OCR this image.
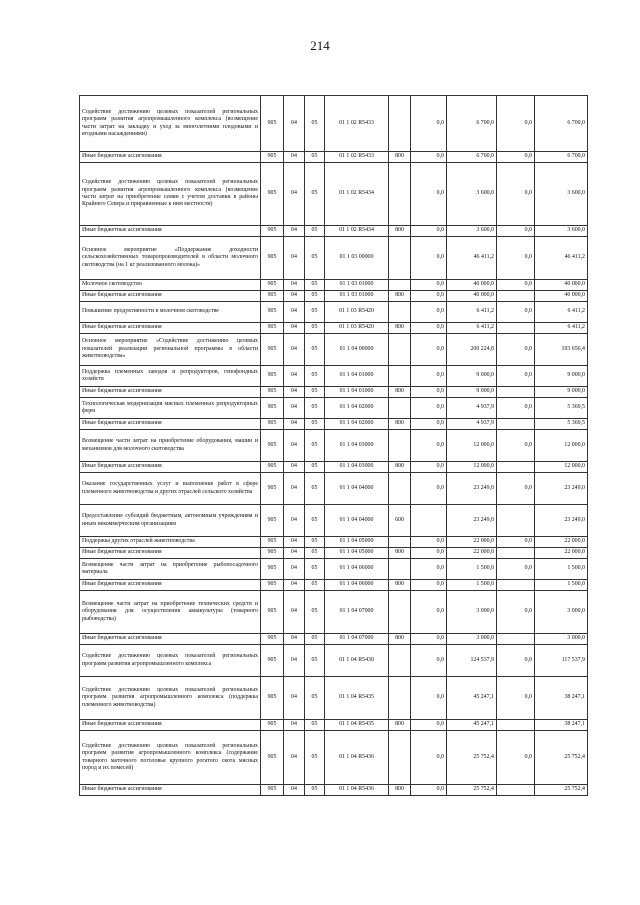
214
Содействие достижению целевых показателей региональных программ развития агропромышленного комплекса (возмещение части затрат на закладку и уход за многолетними плодовыми и ягодными насаждениями)	905	04	05	01 1 02 R5433		0,0	6 700,0	0,0	6 700,0
Иные бюджетные ассигнования	905	04	05	01 1 02 R5433	800	0,0	6 700,0	0,0	6 700,0
Содействие достижению целевых показателей региональных программ развития агропромышленного комплекса (возмещение части затрат на приобретение семян с учетом доставки в районы Крайнего Севера и приравненные к ним местности)	905	04	05	01 1 02 R5434		0,0	3 600,0	0,0	3 600,0
Иные бюджетные ассигнования	905	04	05	01 1 02 R5434	800	0,0	3 600,0	0,0	3 600,0
Основное мероприятие «Поддержание доходности сельскохозяйственных товаропроизводителей в области молочного скотоводства (на 1 кг реализованного молока)»	905	04	05	01 1 03 00000		0,0	46 411,2	0,0	46 411,2
Молочное скотоводство	905	04	05	01 1 03 01000		0,0	40 000,0	0,0	40 000,0
Иные бюджетные ассигнования	905	04	05	01 1 03 01000	800	0,0	40 000,0		40 000,0
Повышение продуктивности в молочном скотоводстве	905	04	05	01 1 03 R5420		0,0	6 411,2	0,0	6 411,2
Иные бюджетные ассигнования	905	04	05	01 1 03 R5420	800	0,0	6 411,2		6 411,2
Основное мероприятие «Содействие достижению целевых показателей реализации региональной программы в области животноводства»	905	04	05	01 1 04 00000		0,0	200 224,8	0,0	193 656,4
Поддержка племенных заводов и репродукторов, генофондных хозяйств	905	04	05	01 1 04 01000		0,0	9 000,0	0,0	9 000,0
Иные бюджетные ассигнования	905	04	05	01 1 04 01000	800	0,0	9 000,0		9 000,0
Технологическая модернизация мясных племенных репродукторных ферм	905	04	05	01 1 04 02000		0,0	4 937,9	0,0	5 369,5
Иные бюджетные ассигнования	905	04	05	01 1 04 02000	800	0,0	4 937,9		5 369,5
Возмещение части затрат на приобретение оборудования, машин и механизмов для молочного скотоводства	905	04	05	01 1 04 03000		0,0	12 000,0	0,0	12 000,0
Иные бюджетные ассигнования	905	04	05	01 1 04 03000	800	0,0	12 000,0		12 000,0
Оказание государственных услуг и выполнение работ в сфере племенного животноводства и других отраслей сельского хозяйства	905	04	05	01 1 04 04000		0,0	23 249,0	0,0	23 249,0
Предоставление субсидий бюджетным, автономным учреждениям и иным некоммерческим организациям	905	04	05	01 1 04 04000	600		23 249,0		23 249,0
Поддержка других отраслей животноводства	905	04	05	01 1 04 05000		0,0	22 000,0	0,0	22 000,0
Иные бюджетные ассигнования	905	04	05	01 1 04 05000	800	0,0	22 000,0		22 000,0
Возмещение части затрат на приобретение рыбопосадочного материала	905	04	05	01 1 04 06000		0,0	1 500,0	0,0	1 500,0
Иные бюджетные ассигнования	905	04	05	01 1 04 06000	800	0,0	1 500,0		1 500,0
Возмещение части затрат на приобретение технических средств и оборудования для осуществления аквакультуры (товарного рыбоводства)	905	04	05	01 1 04 07000		0,0	3 000,0	0,0	3 000,0
Иные бюджетные ассигнования	905	04	05	01 1 04 07000	800	0,0	3 000,0		3 000,0
Содействие достижению целевых показателей региональных программ развития агропромышленного комплекса	905	04	05	01 1 04 R5430		0,0	124 537,9	0,0	117 537,9
Содействие достижению целевых показателей региональных программ развития агропромышленного комплекса (поддержка племенного животноводства)	905	04	05	01 1 04 R5435		0,0	45 247,1	0,0	38 247,1
Иные бюджетные ассигнования	905	04	05	01 1 04 R5435	800	0,0	45 247,1		38 247,1
Содействие достижению целевых показателей региональных программ развития агропромышленного комплекса (содержание товарного маточного поголовья крупного рогатого скота мясных пород и их помесей)	905	04	05	01 1 04 R5436		0,0	25 752,4	0,0	25 752,4
Иные бюджетные ассигнования	905	04	05	01 1 04 R5436	800	0,0	25 752,4		25 752,4
